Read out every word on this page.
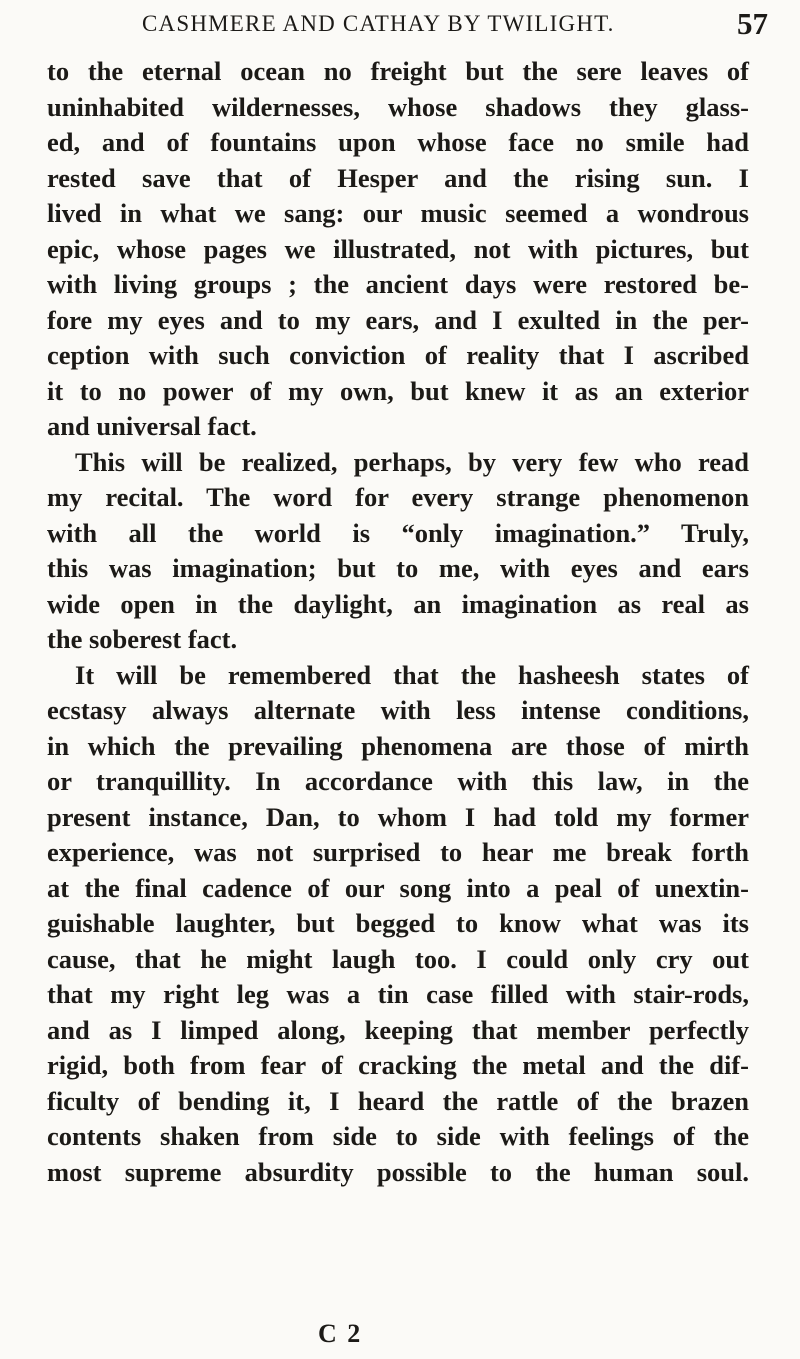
CASHMERE AND CATHAY BY TWILIGHT.	57
to the eternal ocean no freight but the sere leaves of
uninhabited wildernesses, whose shadows they glass-
ed, and of fountains upon whose face no smile had
rested save that of Hesper and the rising sun. I
lived in what we sang: our music seemed a wondrous
epic, whose pages we illustrated, not with pictures, but
with living groups ; the ancient days were restored be-
fore my eyes and to my ears, and I exulted in the per-
ception with such conviction of reality that I ascribed
it to no power of my own, but knew it as an exterior
and universal fact.
This will be realized, perhaps, by very few who read
my recital. The word for every strange phenomenon
with all the world is “only imagination.” Truly,
this was imagination; but to me, with eyes and ears
wide open in the daylight, an imagination as real as
the soberest fact.
It will be remembered that the hasheesh states of
ecstasy always alternate with less intense conditions,
in which the prevailing phenomena are those of mirth
or tranquillity. In accordance with this law, in the
present instance, Dan, to whom I had told my former
experience, was not surprised to hear me break forth
at the final cadence of our song into a peal of unextin-
guishable laughter, but begged to know what was its
cause, that he might laugh too. I could only cry out
that my right leg was a tin case filled with stair-rods,
and as I limped along, keeping that member perfectly
rigid, both from fear of cracking the metal and the dif-
ficulty of bending it, I heard the rattle of the brazen
contents shaken from side to side with feelings of the
most supreme absurdity possible to the human soul.
C 2
